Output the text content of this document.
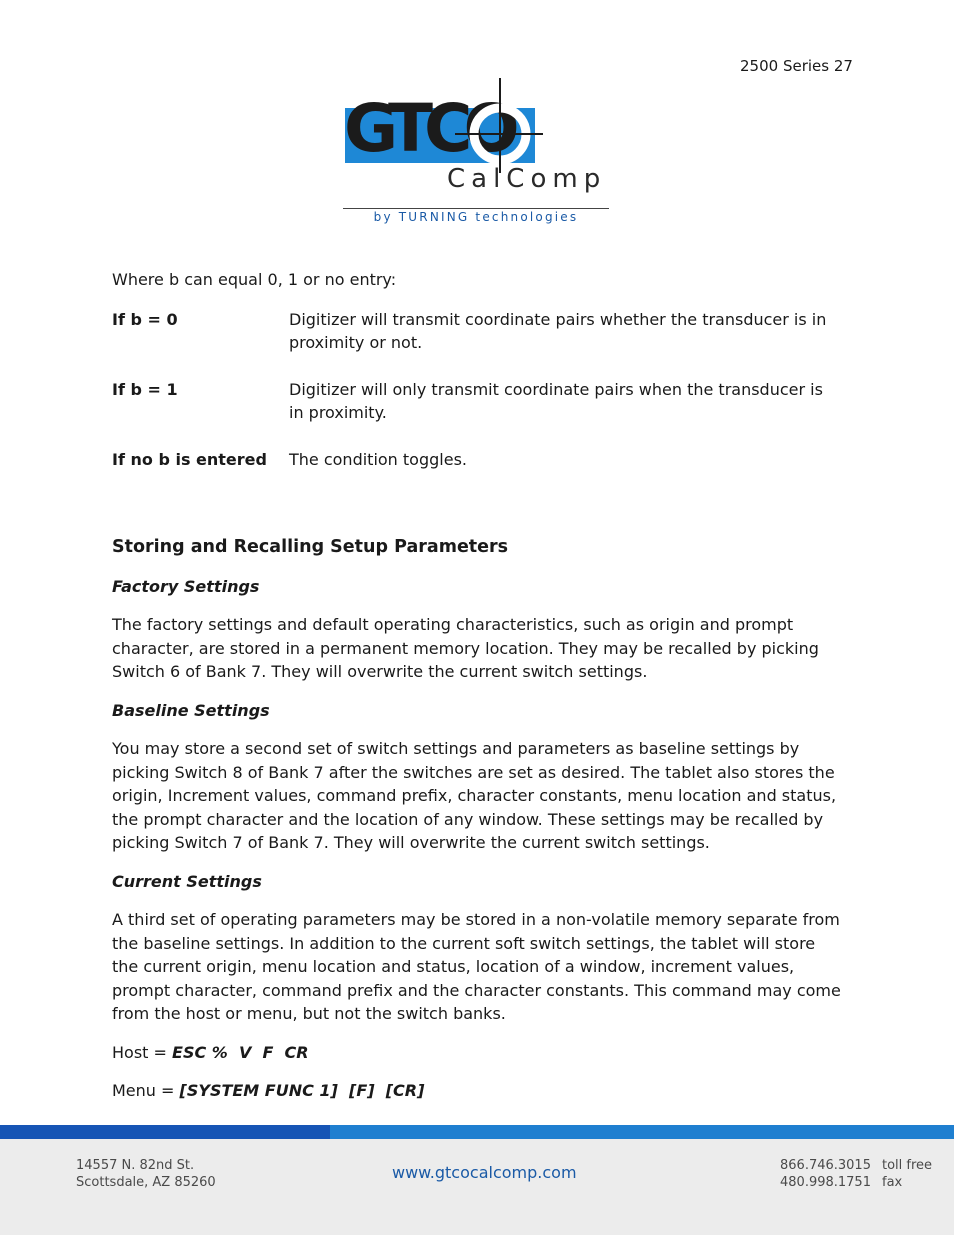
2500 Series 27
GTCO
CalComp
by TURNING technologies

Where b can equal 0, 1 or no entry:

If b = 0	Digitizer will transmit coordinate pairs whether the transducer is in proximity or not.
If b = 1	Digitizer will only transmit coordinate pairs when the transducer is in proximity.
If no b is entered	The condition toggles.

Storing and Recalling Setup Parameters

Factory Settings

The factory settings and default operating characteristics, such as origin and prompt character, are stored in a permanent memory location. They may be recalled by picking Switch 6 of Bank 7. They will overwrite the current switch settings.

Baseline Settings

You may store a second set of switch settings and parameters as baseline settings by picking Switch 8 of Bank 7 after the switches are set as desired. The tablet also stores the origin, Increment values, command prefix, character constants, menu location and status, the prompt character and the location of any window. These settings may be recalled by picking Switch 7 of Bank 7. They will overwrite the current switch settings.

Current Settings

A third set of operating parameters may be stored in a non-volatile memory separate from the baseline settings. In addition to the current soft switch settings, the tablet will store the current origin, menu location and status, location of a window, increment values, prompt character, command prefix and the character constants. This command may come from the host or menu, but not the switch banks.

Host = ESC %  V  F  CR

Menu = [SYSTEM FUNC 1]  [F]  [CR]

14557 N. 82nd St.
Scottsdale, AZ 85260
www.gtcocalcomp.com	866.746.3015 toll free
480.998.1751 fax
